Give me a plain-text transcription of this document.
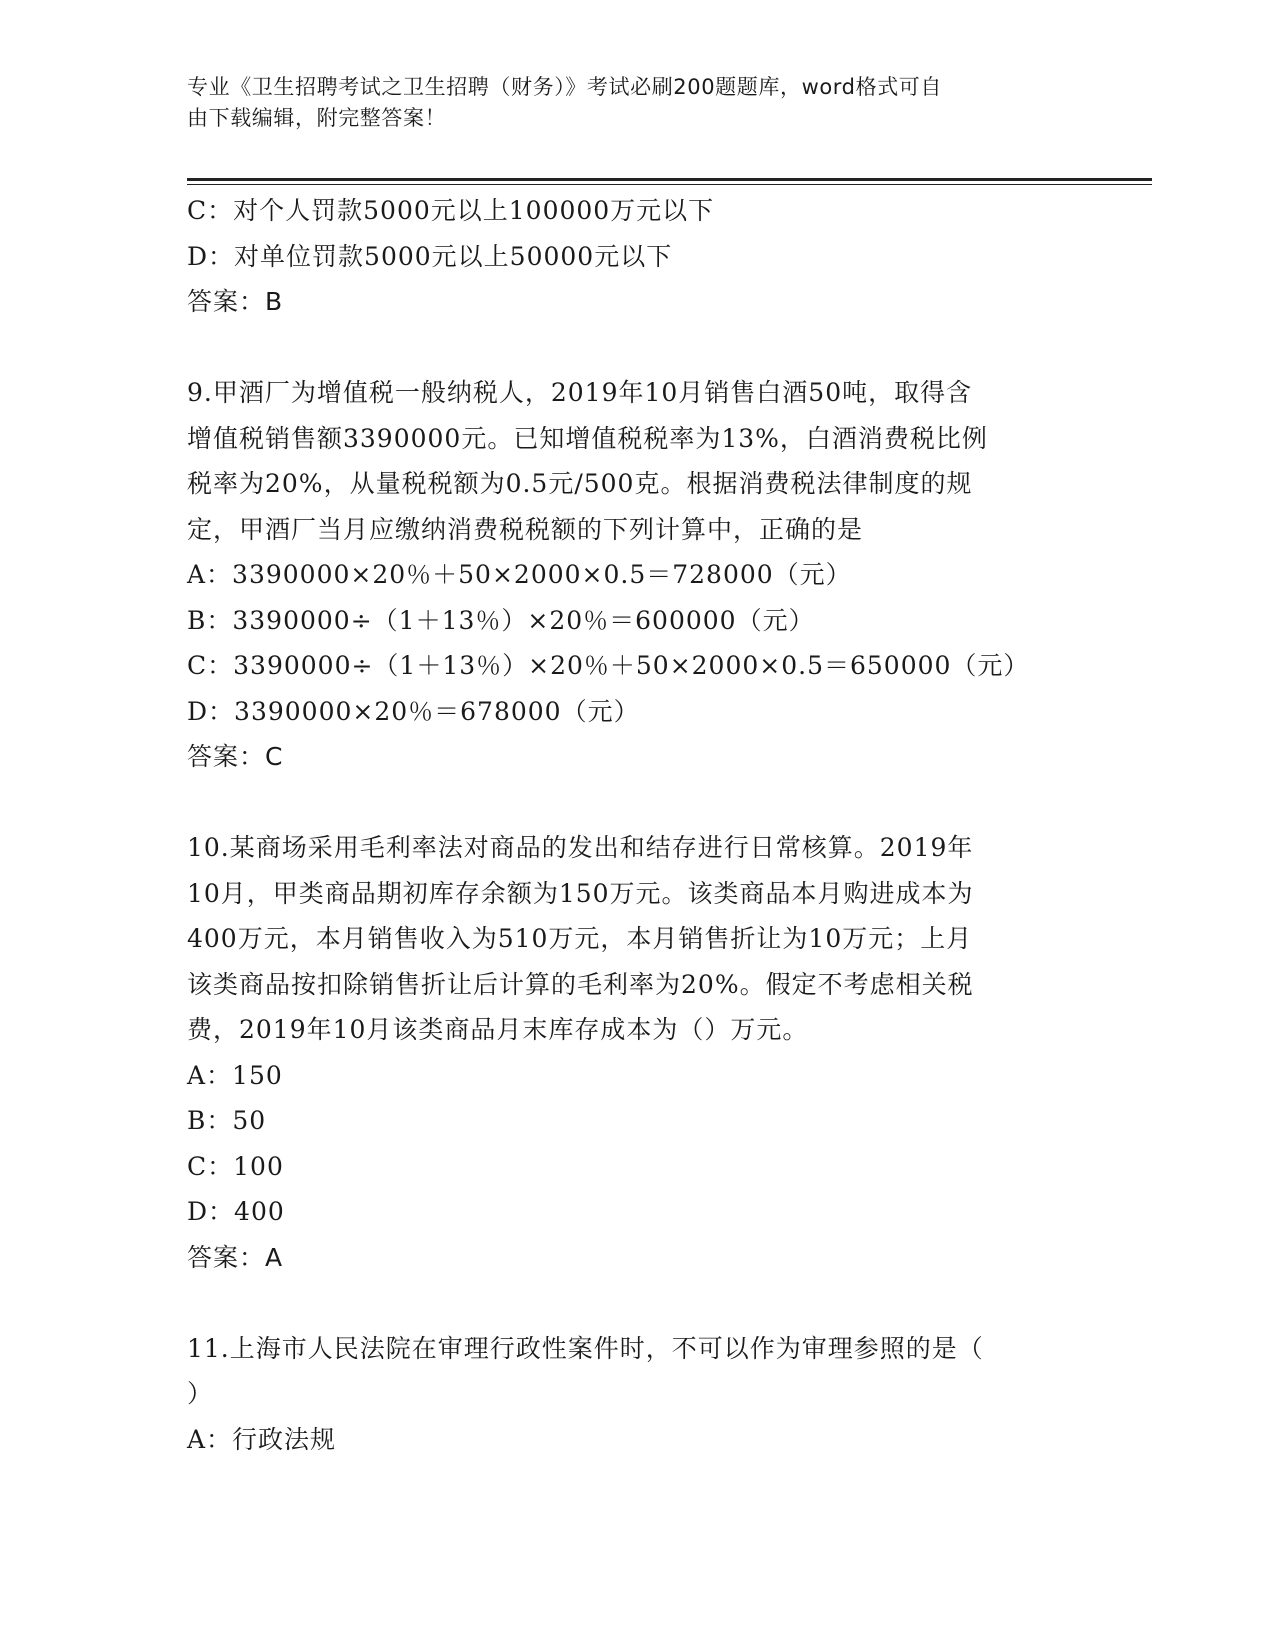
专业《卫生招聘考试之卫生招聘（财务）》考试必刷200题题库，word格式可自
由下载编辑，附完整答案！
C：对个人罚款5000元以上100000万元以下
D：对单位罚款5000元以上50000元以下
答案：B
9.甲酒厂为增值税一般纳税人，2019年10月销售白酒50吨，取得含
增值税销售额3390000元。已知增值税税率为13%，白酒消费税比例
税率为20%，从量税税额为0.5元/500克。根据消费税法律制度的规
定，甲酒厂当月应缴纳消费税税额的下列计算中，正确的是
A：3390000×20％＋50×2000×0.5＝728000（元）
B：3390000÷（1＋13％）×20％＝600000（元）
C：3390000÷（1＋13％）×20％＋50×2000×0.5＝650000（元）
D：3390000×20％＝678000（元）
答案：C
10.某商场采用毛利率法对商品的发出和结存进行日常核算。2019年
10月，甲类商品期初库存余额为150万元。该类商品本月购进成本为
400万元，本月销售收入为510万元，本月销售折让为10万元；上月
该类商品按扣除销售折让后计算的毛利率为20%。假定不考虑相关税
费，2019年10月该类商品月末库存成本为（）万元。
A：150
B：50
C：100
D：400
答案：A
11.上海市人民法院在审理行政性案件时，不可以作为审理参照的是（
）
A：行政法规
